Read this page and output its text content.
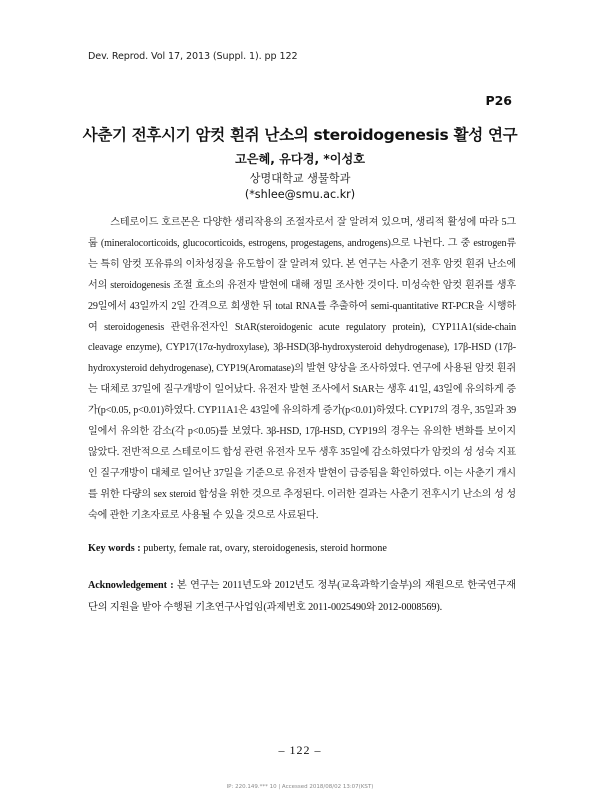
Dev. Reprod. Vol 17, 2013 (Suppl. 1). pp 122
P26
사춘기 전후시기 암컷 흰쥐 난소의 steroidogenesis 활성 연구
고은혜, 유다경, *이성호
상명대학교 생물학과
(*shlee@smu.ac.kr)

스테로이드 호르몬은 다양한 생리작용의 조절자로서 잘 알려져 있으며, 생리적 활성에 따라 5그룹 (mineralocorticoids, glucocorticoids, estrogens, progestagens, androgens)으로 나뉜다. 그 중 estrogen류는 특히 암컷 포유류의 이차성징을 유도함이 잘 알려져 있다. 본 연구는 사춘기 전후 암컷 흰쥐 난소에서의 steroidogenesis 조절 효소의 유전자 발현에 대해 정밀 조사한 것이다. 미성숙한 암컷 흰쥐를 생후 29일에서 43일까지 2일 간격으로 희생한 뒤 total RNA를 추출하여 semi-quantitative RT-PCR을 시행하여 steroidogenesis 관련유전자인 StAR(steroidogenic acute regulatory protein), CYP11A1(side-chain cleavage enzyme), CYP17(17α-hydroxylase), 3β-HSD(3β-hydroxysteroid dehydrogenase), 17β-HSD (17β-hydroxysteroid dehydrogenase), CYP19(Aromatase)의 발현 양상을 조사하였다. 연구에 사용된 암컷 흰쥐는 대체로 37일에 질구개방이 일어났다. 유전자 발현 조사에서 StAR는 생후 41일, 43일에 유의하게 증가(p<0.05, p<0.01)하였다. CYP11A1은 43일에 유의하게 증가(p<0.01)하였다. CYP17의 경우, 35일과 39일에서 유의한 감소(각 p<0.05)를 보였다. 3β-HSD, 17β-HSD, CYP19의 경우는 유의한 변화를 보이지 않았다. 전반적으로 스테로이드 합성 관련 유전자 모두 생후 35일에 감소하였다가 암컷의 성 성숙 지표인 질구개방이 대체로 일어난 37일을 기준으로 유전자 발현이 급증됨을 확인하였다. 이는 사춘기 개시를 위한 다량의 sex steroid 합성을 위한 것으로 추정된다. 이러한 결과는 사춘기 전후시기 난소의 성 성숙에 관한 기초자료로 사용될 수 있을 것으로 사료된다.

Key words : puberty, female rat, ovary, steroidogenesis, steroid hormone
Acknowledgement : 본 연구는 2011년도와 2012년도 정부(교육과학기술부)의 재원으로 한국연구재단의 지원을 받아 수행된 기초연구사업임(과제번호 2011-0025490와 2012-0008569).
– 122 –
IP: 220.149.*** 10 | Accessed 2018/08/02 13:07(KST)
